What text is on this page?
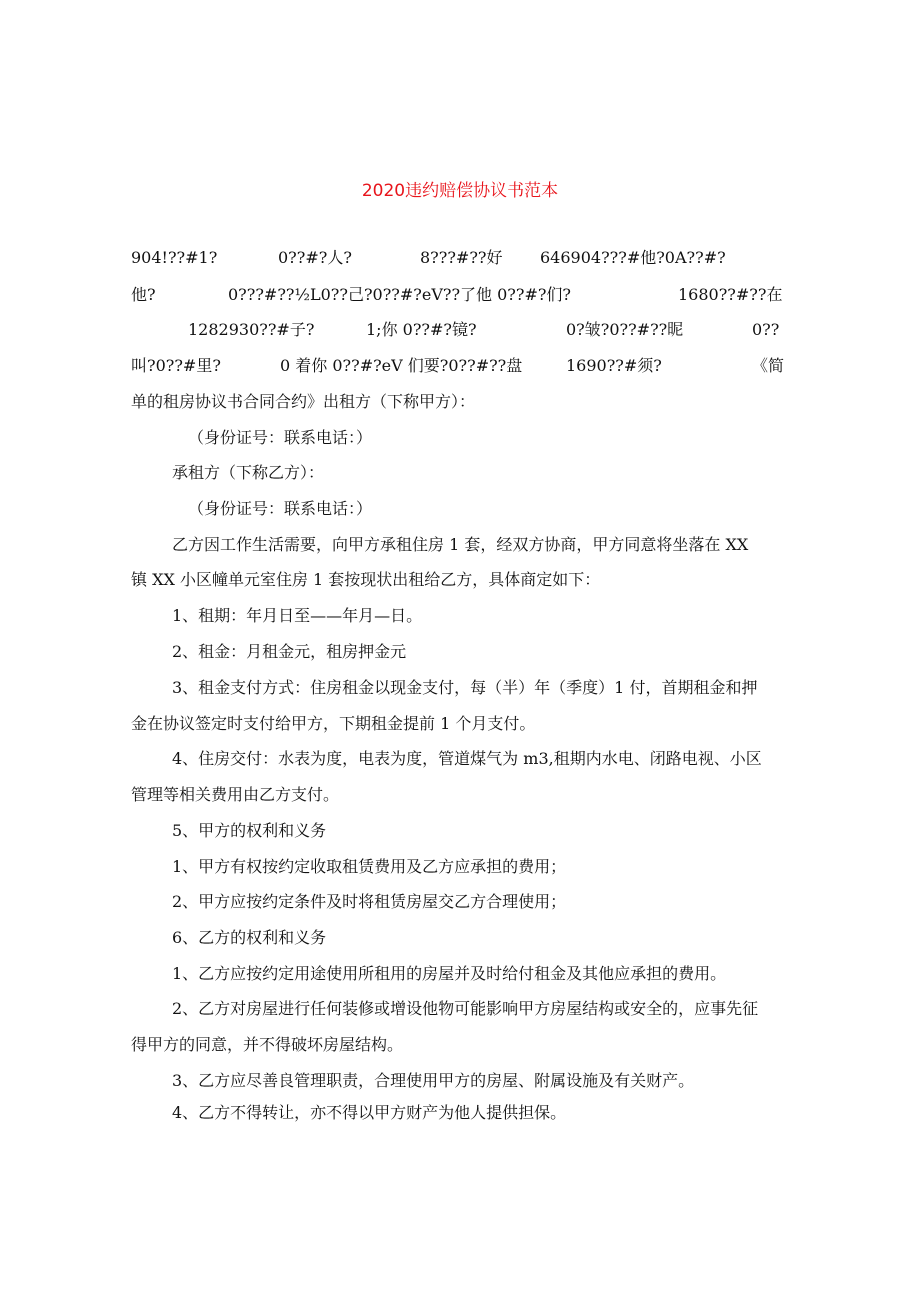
2020违约赔偿协议书范本
904!??#1?	0??#?人?	8???#??好 646904???#他?0A??#?
他?	0???#??½L0??己?0??#?eV??了他 0??#?们?	1680??#??在
1282930??#子?	1;你 0??#?镜?	0?皱?0??#??昵	0??
叫?0??#里?	0 着你 0??#?eV 们要?0??#??盘	1690??#须?	《简
单的租房协议书合同合约》出租方（下称甲方）：
（身份证号：联系电话：）
承租方（下称乙方）：
（身份证号：联系电话：）
乙方因工作生活需要，向甲方承租住房 1 套，经双方协商，甲方同意将坐落在 XX
镇 XX 小区幢单元室住房 1 套按现状出租给乙方，具体商定如下：
1、租期：年月日至——年月—日。
2、租金：月租金元，租房押金元
3、租金支付方式：住房租金以现金支付，每（半）年（季度）1 付，首期租金和押
金在协议签定时支付给甲方，下期租金提前 1 个月支付。
4、住房交付：水表为度，电表为度，管道煤气为 m3,租期内水电、闭路电视、小区
管理等相关费用由乙方支付。
5、甲方的权利和义务
1、甲方有权按约定收取租赁费用及乙方应承担的费用；
2、甲方应按约定条件及时将租赁房屋交乙方合理使用；
6、乙方的权利和义务
1、乙方应按约定用途使用所租用的房屋并及时给付租金及其他应承担的费用。
2、乙方对房屋进行任何装修或增设他物可能影响甲方房屋结构或安全的，应事先征
得甲方的同意，并不得破坏房屋结构。
3、乙方应尽善良管理职责，合理使用甲方的房屋、附属设施及有关财产。
4、乙方不得转让，亦不得以甲方财产为他人提供担保。
